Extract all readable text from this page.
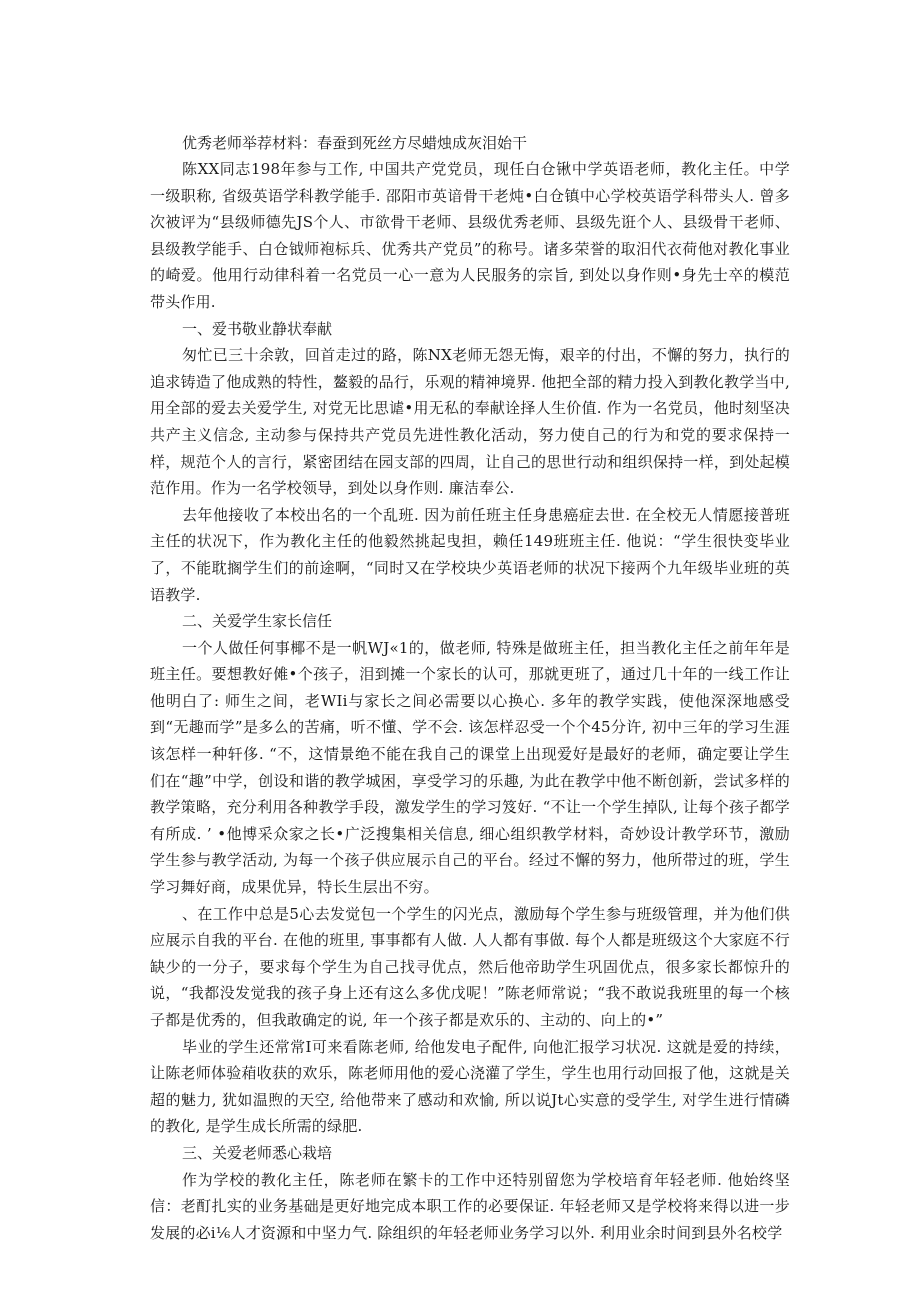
优秀老师举荐材料：春蚕到死丝方尽蜡烛成灰泪始干

陈XX同志198年参与工作, 中国共产党党员，现任白仓锹中学英语老师，教化主任。中学一级职称, 省级英语学科教学能手. 邵阳市英谙骨干老炖•白仓镇中心学校英语学科带头人. 曾多次被评为“县级师德先JS个人、市欲骨干老师、县级优秀老师、县级先诳个人、县级骨干老师、县级教学能手、白仓钺师袍标兵、优秀共产党员”的称号。诸多荣誉的取汨代衣荷他对教化事业的崎爱。他用行动律科着一名党员一心一意为人民服务的宗旨, 到处以身作则•身先士卒的模范带头作用.

一、爱书敬业静状奉献

匆忙已三十余敦，回首走过的路，陈NX老师无怨无悔，艰辛的付出，不懈的努力，执行的追求铸造了他成熟的特性，鳌毅的品行，乐观的精神境界. 他把全部的精力投入到教化教学当中, 用全部的爱去关爱学生, 对党无比思谑•用无私的奉献诠择人生价值. 作为一名党员，他时刻坚决共产主义信念, 主动参与保持共产党员先进性教化活动，努力使自己的行为和党的要求保持一样，规范个人的言行，紧密团结在园支部的四周，让自己的思世行动和组织保持一样，到处起模范作用。作为一名学校领导，到处以身作则. 廉洁奉公.

去年他接收了本校出名的一个乱班. 因为前任班主任身患癌症去世. 在全校无人情愿接普班主任的状况下，作为教化主任的他毅然挑起曳担，赖任149班班主任. 他说：“学生很快变毕业了，不能耽搁学生们的前途啊，“同时又在学校块少英语老师的状况下接两个九年级毕业班的英语教学.

二、关爱学生家长信任

一个人做任何事椰不是一帆WJ«1的，做老师, 特殊是做班主任，担当教化主任之前年年是班主任。要想教好傩•个孩子，泪到摊一个家长的认可，那就更班了，通过几十年的一线工作让他明白了: 师生之间，老WIi与家长之间必需要以心换心. 多年的教学实践，使他深深地感受到“无趣而学”是多么的苦痛，听不懂、学不会. 该怎样忍受一个个45分许, 初中三年的学习生涯该怎样一种轩侈. “不，这情景绝不能在我自己的课堂上出现爱好是最好的老师，确定要让学生们在“趣”中学，创设和谐的教学城困，享受学习的乐趣, 为此在教学中他不断创新，尝试多样的教学策略，充分利用各种教学手段，激发学生的学习笈好. “不让一个学生掉队, 让每个孩子都学有所成. ’ •他博采众家之长•广泛搜集相关信息, 细心组织教学材料，奇妙设计教学环节，激励学生参与教学活动, 为每一个孩子供应展示自己的平台。经过不懈的努力，他所带过的班，学生学习舞好商，成果优异，特长生层出不穷。

、在工作中总是5心去发觉包一个学生的闪光点，激励每个学生参与班级管理，并为他们供应展示自我的平台. 在他的班里, 事事都有人做. 人人都有事做. 每个人都是班级这个大家庭不行缺少的一分子，要求每个学生为自己找寻优点，然后他帝助学生巩固优点，很多家长都惊升的说，“我都没发觉我的孩子身上还有这么多优戊呢！”陈老师常说；“我不敢说我班里的每一个核子都是优秀的，但我敢确定的说, 年一个孩子都是欢乐的、主动的、向上的•”

毕业的学生还常常I可来看陈老师, 给他发电子配件, 向他汇报学习状况. 这就是爱的持续，让陈老师体验葙收获的欢乐，陈老师用他的爱心浇灌了学生，学生也用行动回报了他，这就是关超的魅力, 犹如温煦的天空, 给他带来了感动和欢愉, 所以说Jt心实意的受学生, 对学生进行情磷的教化, 是学生成长所需的绿肥.

三、关爱老师悉心栽培

作为学校的教化主任，陈老师在繁卡的工作中还特别留您为学校培育年轻老师. 他始终坚信：老酊扎实的业务基础是更好地完成本职工作的必要保证. 年轻老师又是学校将来得以进一步发展的必i⅙人才资源和中坚力气. 除组织的年轻老师业务学习以外. 利用业余时间到县外名校学
